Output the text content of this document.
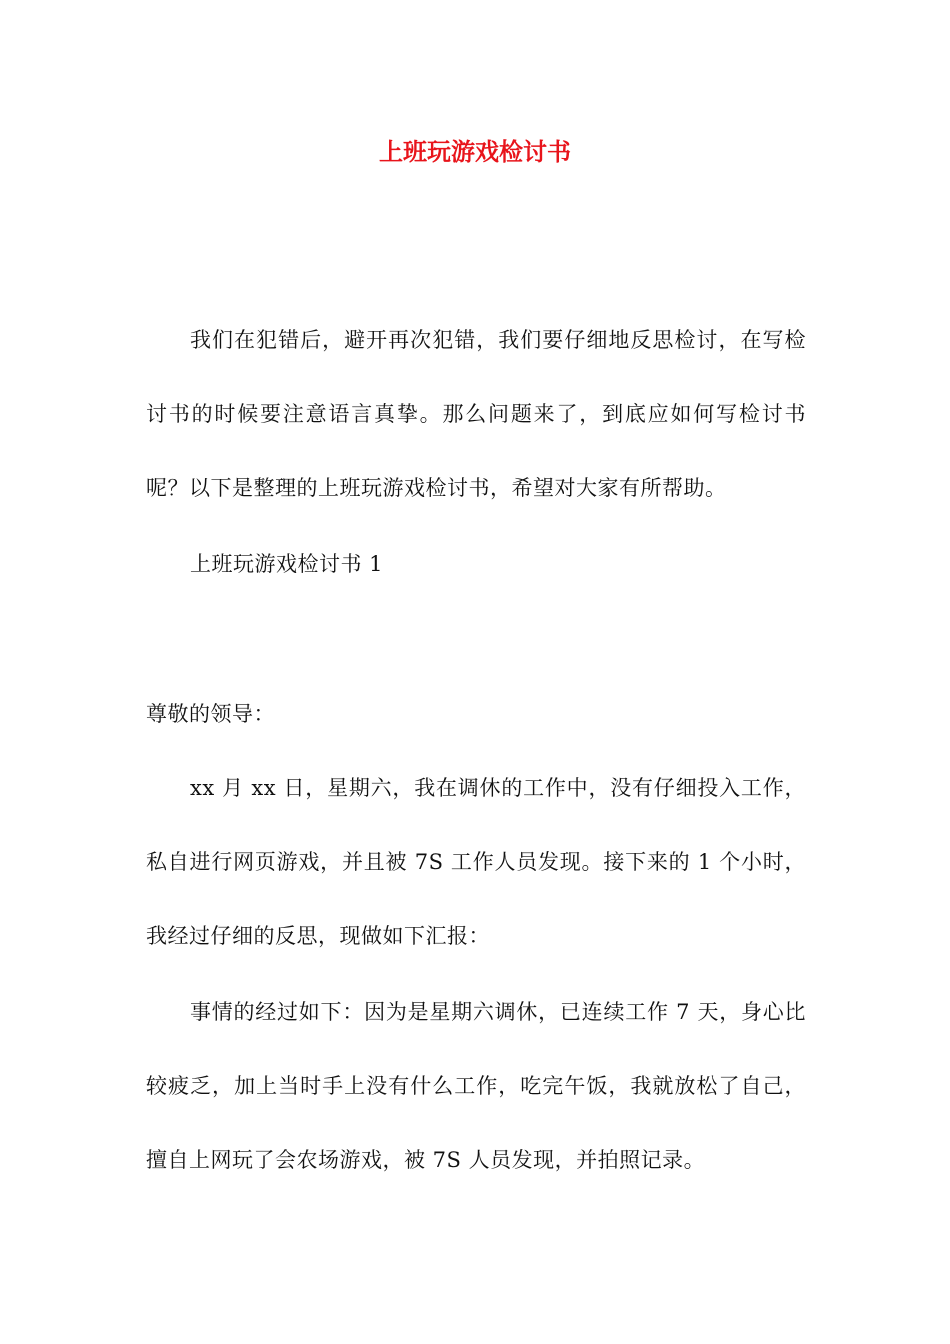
上班玩游戏检讨书

我们在犯错后，避开再次犯错，我们要仔细地反思检讨，在写检讨书的时候要注意语言真挚。那么问题来了，到底应如何写检讨书呢？以下是整理的上班玩游戏检讨书，希望对大家有所帮助。

上班玩游戏检讨书 1

尊敬的领导：

xx 月 xx 日，星期六，我在调休的工作中，没有仔细投入工作，私自进行网页游戏，并且被 7S 工作人员发现。接下来的 1 个小时，我经过仔细的反思，现做如下汇报：

事情的经过如下：因为是星期六调休，已连续工作 7 天，身心比较疲乏，加上当时手上没有什么工作，吃完午饭，我就放松了自己，擅自上网玩了会农场游戏，被 7S 人员发现，并拍照记录。
